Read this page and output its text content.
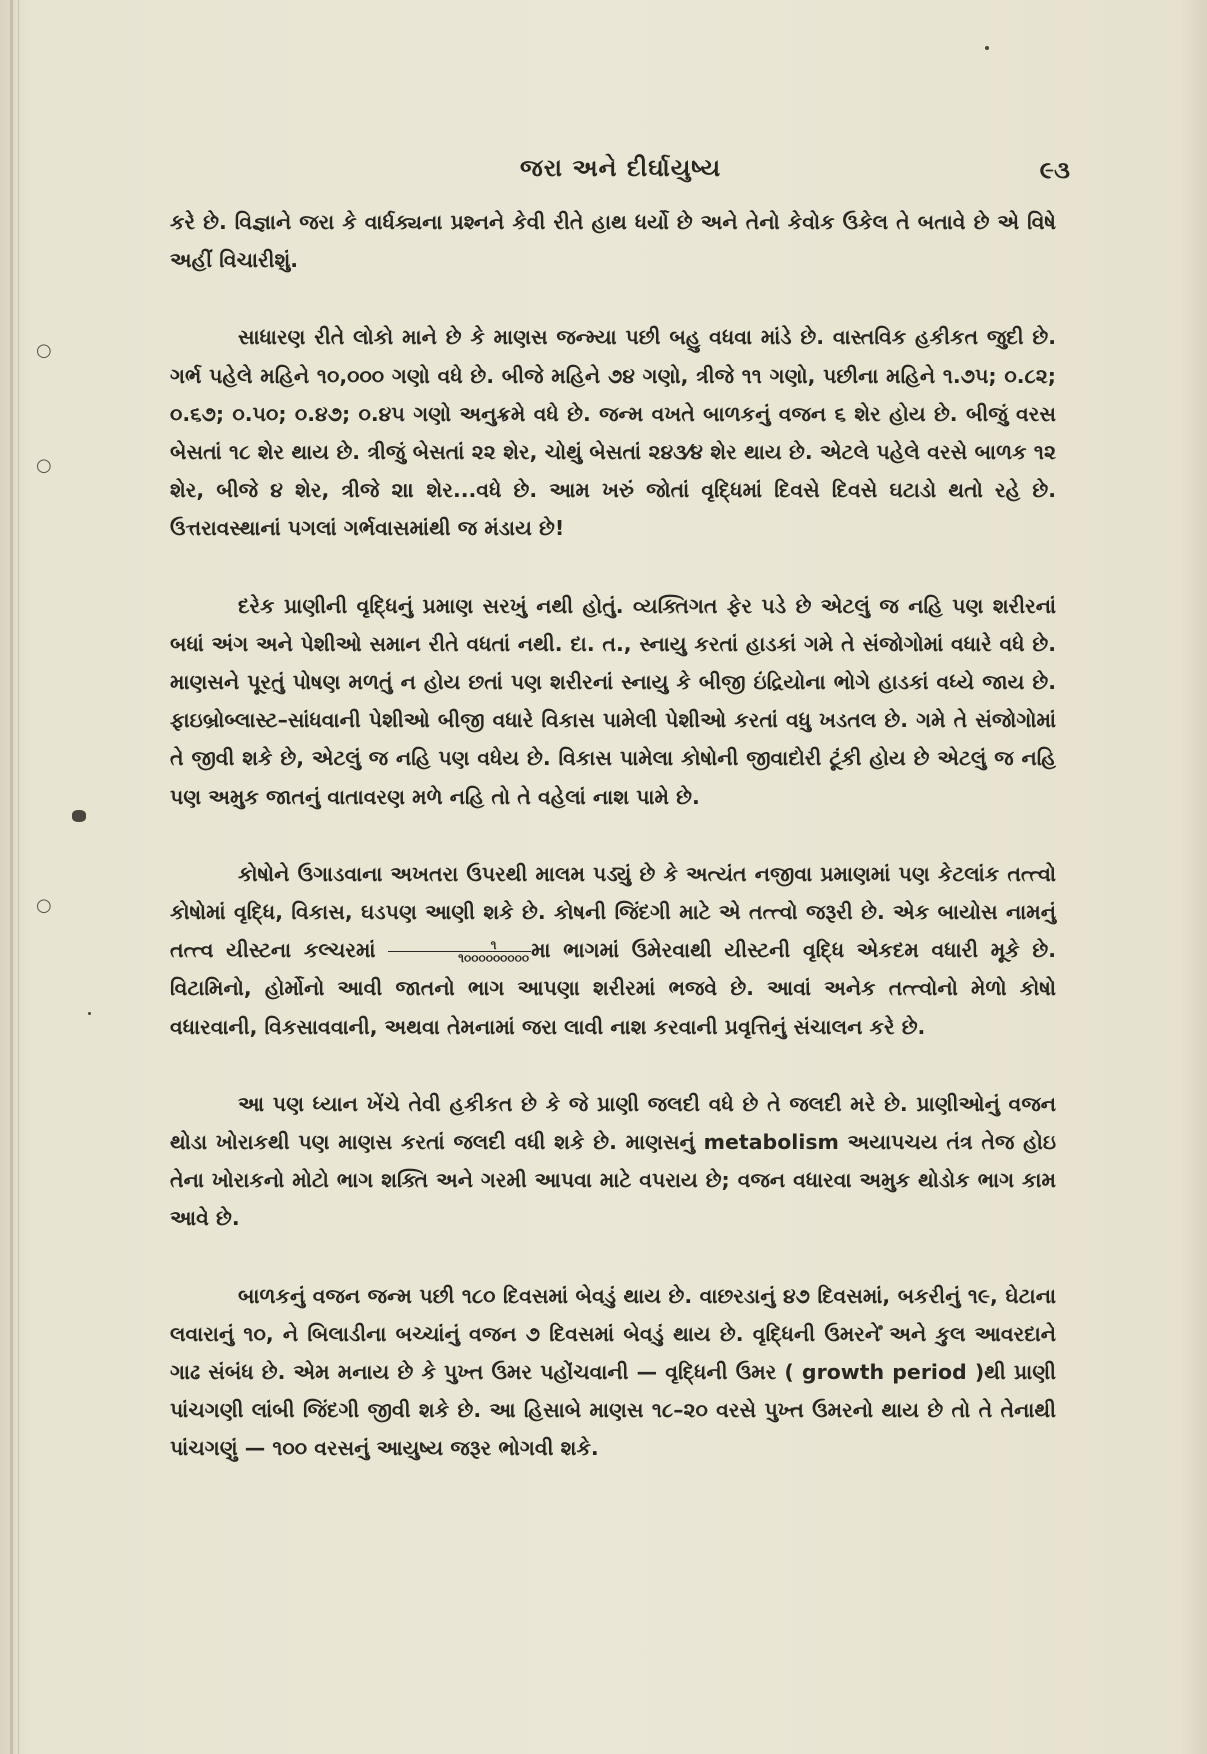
○
○
○
જરા અને દીર્ઘાયુષ્ય	૯૩

કરે છે. વિજ્ઞાને જરા કે વાર્ધક્યના પ્રશ્નને કેવી રીતે હાથ ધર્યો છે અને તેનો કેવોક ઉકેલ તે બતાવે છે એ વિષે અહીં વિચારીશું.

સાધારણ રીતે લોકો માને છે કે માણસ જન્મ્યા પછી બહુ વધવા માંડે છે. વાસ્તવિક હકીકત જુદી છે. ગર્ભ પહેલે મહિને ૧૦,૦૦૦ ગણો વધે છે. બીજે મહિને ૭૪ ગણો, ત્રીજે ૧૧ ગણો, પછીના મહિને ૧.૭૫; ૦.૮૨; ૦.૬૭; ૦.૫૦; ૦.૪૭; ૦.૪૫ ગણો અનુક્રમે વધે છે. જન્મ વખતે બાળકનું વજન ૬ શેર હોય છે. બીજું વરસ બેસતાં ૧૮ શેર થાય છે. ત્રીજું બેસતાં ૨૨ શેર, ચોથું બેસતાં ૨૪૩⁄૪ શેર થાય છે. એટલે પહેલે વરસે બાળક ૧૨ શેર, બીજે ૪ શેર, ત્રીજે ૨॥ શેર...વધે છે. આમ ખરું જોતાં વૃદ્ધિમાં દિવસે દિવસે ઘટાડો થતો રહે છે. ઉત્તરાવસ્થાનાં પગલાં ગર્ભવાસમાંથી જ મંડાય છે!

દરેક પ્રાણીની વૃદ્ધિનું પ્રમાણ સરખું નથી હોતું. વ્યક્તિગત ફેર પડે છે એટલું જ નહિ પણ શરીરનાં બધાં અંગ અને પેશીઓ સમાન રીતે વધતાં નથી. દા. ત., સ્નાયુ કરતાં હાડકાં ગમે તે સંજોગોમાં વધારે વધે છે. માણસને પૂરતું પોષણ મળતું ન હોય છતાં પણ શરીરનાં સ્નાયુ કે બીજી ઇંદ્રિયોના ભોગે હાડકાં વધ્યે જાય છે. ફાઇબ્રોબ્લાસ્ટ–સાંધવાની પેશીઓ બીજી વધારે વિકાસ પામેલી પેશીઓ કરતાં વધુ ખડતલ છે. ગમે તે સંજોગોમાં તે જીવી શકે છે, એટલું જ નહિ પણ વધેય છે. વિકાસ પામેલા કોષોની જીવાદોરી ટૂંકી હોય છે એટલું જ નહિ પણ અમુક જાતનું વાતાવરણ મળે નહિ તો તે વહેલાં નાશ પામે છે.

કોષોને ઉગાડવાના અખતરા ઉપરથી માલમ પડ્યું છે કે અત્યંત નજીવા પ્રમાણમાં પણ કેટલાંક તત્ત્વો કોષોમાં વૃદ્ધિ, વિકાસ, ઘડપણ આણી શકે છે. કોષની જિંદગી માટે એ તત્ત્વો જરૂરી છે. એક બાયોસ નામનું તત્ત્વ યીસ્ટના કલ્ચરમાં $\frac{૧}{૧૦૦૦૦૦૦૦૦૦}$ મા ભાગમાં ઉમેરવાથી યીસ્ટની વૃદ્ધિ એકદમ વધારી મૂકે છે. વિટામિનો, હોર્મોનો આવી જાતનો ભાગ આપણા શરીરમાં ભજવે છે. આવાં અનેક તત્ત્વોનો મેળો કોષો વધારવાની, વિકસાવવાની, અથવા તેમનામાં જરા લાવી નાશ કરવાની પ્રવૃત્તિનું સંચાલન કરે છે.

આ પણ ધ્યાન ખેંચે તેવી હકીકત છે કે જે પ્રાણી જલદી વધે છે તે જલદી મરે છે. પ્રાણીઓનું વજન થોડા ખોરાકથી પણ માણસ કરતાં જલદી વધી શકે છે. માણસનું metabolism અયાપચય તંત્ર તેજ હોઇ તેના ખોરાકનો મોટો ભાગ શક્તિ અને ગરમી આપવા માટે વપરાય છે; વજન વધારવા અમુક થોડોક ભાગ કામ આવે છે.

બાળકનું વજન જન્મ પછી ૧૮૦ દિવસમાં બેવડું થાય છે. વાછરડાનું ૪૭ દિવસમાં, બકરીનું ૧૯, ઘેટાના લવારાનું ૧૦, ને બિલાડીના બચ્ચાંનું વજન ૭ દિવસમાં બેવડું થાય છે. વૃદ્ધિની ઉમરને અને કુલ આવરદાને ગાઢ સંબંધ છે. એમ મનાય છે કે પુખ્ત ઉમર પહોંચવાની — વૃદ્ધિની ઉમર ( growth period )થી પ્રાણી પાંચગણી લાંબી જિંદગી જીવી શકે છે. આ હિસાબે માણસ ૧૮–૨૦ વરસે પુખ્ત ઉમરનો થાય છે તો તે તેનાથી પાંચગણું — ૧૦૦ વરસનું આયુષ્ય જરૂર ભોગવી શકે.
